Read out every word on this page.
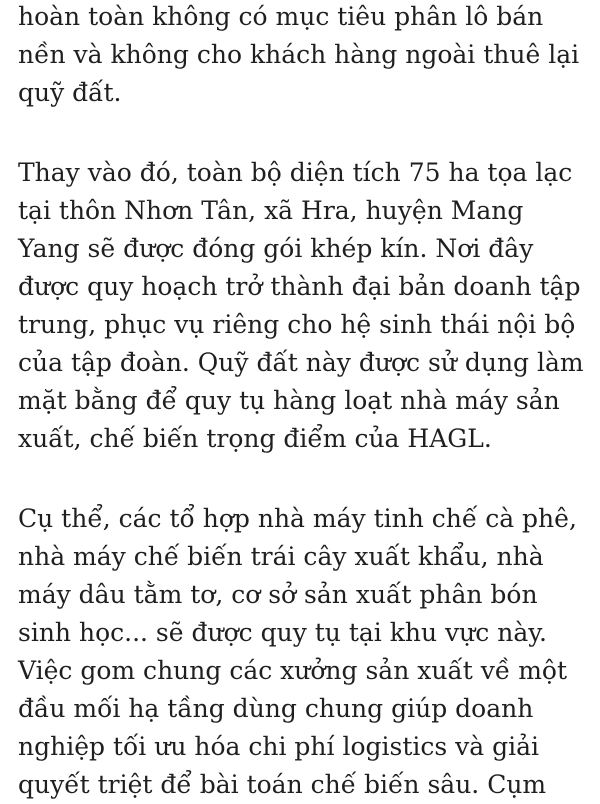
hoàn toàn không có mục tiêu phân lô bán
nền và không cho khách hàng ngoài thuê lại
quỹ đất.

Thay vào đó, toàn bộ diện tích 75 ha tọa lạc
tại thôn Nhơn Tân, xã Hra, huyện Mang
Yang sẽ được đóng gói khép kín. Nơi đây
được quy hoạch trở thành đại bản doanh tập
trung, phục vụ riêng cho hệ sinh thái nội bộ
của tập đoàn. Quỹ đất này được sử dụng làm
mặt bằng để quy tụ hàng loạt nhà máy sản
xuất, chế biến trọng điểm của HAGL.

Cụ thể, các tổ hợp nhà máy tinh chế cà phê,
nhà máy chế biến trái cây xuất khẩu, nhà
máy dâu tằm tơ, cơ sở sản xuất phân bón
sinh học... sẽ được quy tụ tại khu vực này.
Việc gom chung các xưởng sản xuất về một
đầu mối hạ tầng dùng chung giúp doanh
nghiệp tối ưu hóa chi phí logistics và giải
quyết triệt để bài toán chế biến sâu. Cụm
